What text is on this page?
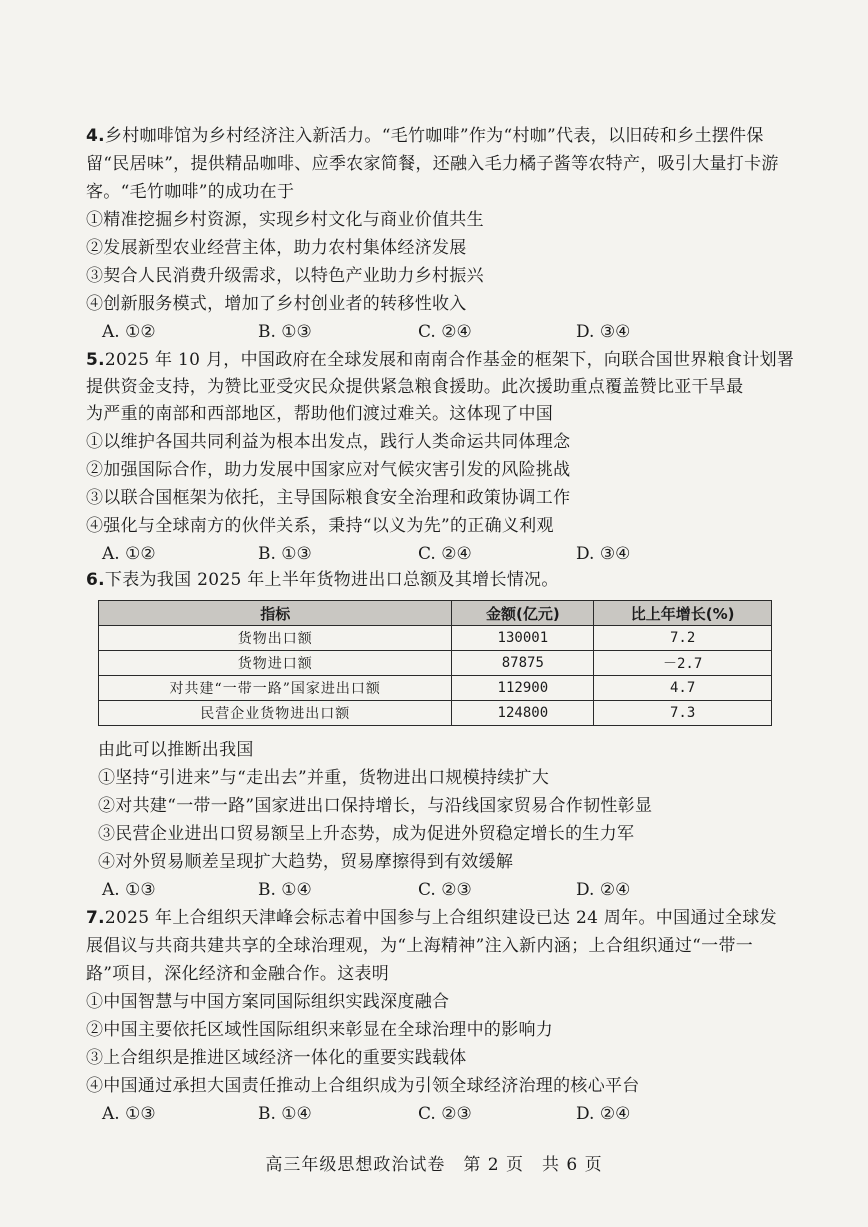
4.乡村咖啡馆为乡村经济注入新活力。“毛竹咖啡”作为“村咖”代表，以旧砖和乡土摆件保
留“民居味”，提供精品咖啡、应季农家简餐，还融入毛力橘子酱等农特产，吸引大量打卡游
客。“毛竹咖啡”的成功在于
①精准挖掘乡村资源，实现乡村文化与商业价值共生
②发展新型农业经营主体，助力农村集体经济发展
③契合人民消费升级需求，以特色产业助力乡村振兴
④创新服务模式，增加了乡村创业者的转移性收入
A. ①②	B. ①③	C. ②④	D. ③④
5.2025 年 10 月，中国政府在全球发展和南南合作基金的框架下，向联合国世界粮食计划署
提供资金支持，为赞比亚受灾民众提供紧急粮食援助。此次援助重点覆盖赞比亚干旱最
为严重的南部和西部地区，帮助他们渡过难关。这体现了中国
①以维护各国共同利益为根本出发点，践行人类命运共同体理念
②加强国际合作，助力发展中国家应对气候灾害引发的风险挑战
③以联合国框架为依托，主导国际粮食安全治理和政策协调工作
④强化与全球南方的伙伴关系，秉持“以义为先”的正确义利观
A. ①②	B. ①③	C. ②④	D. ③④
6.下表为我国 2025 年上半年货物进出口总额及其增长情况。
指标	金额(亿元)	比上年增长(%)
货物出口额	130001	7.2
货物进口额	87875	－2.7
对共建“一带一路”国家进出口额	112900	4.7
民营企业货物进出口额	124800	7.3
由此可以推断出我国
①坚持“引进来”与“走出去”并重，货物进出口规模持续扩大
②对共建“一带一路”国家进出口保持增长，与沿线国家贸易合作韧性彰显
③民营企业进出口贸易额呈上升态势，成为促进外贸稳定增长的生力军
④对外贸易顺差呈现扩大趋势，贸易摩擦得到有效缓解
A. ①③	B. ①④	C. ②③	D. ②④
7.2025 年上合组织天津峰会标志着中国参与上合组织建设已达 24 周年。中国通过全球发
展倡议与共商共建共享的全球治理观，为“上海精神”注入新内涵；上合组织通过“一带一
路”项目，深化经济和金融合作。这表明
①中国智慧与中国方案同国际组织实践深度融合
②中国主要依托区域性国际组织来彰显在全球治理中的影响力
③上合组织是推进区域经济一体化的重要实践载体
④中国通过承担大国责任推动上合组织成为引领全球经济治理的核心平台
A. ①③	B. ①④	C. ②③	D. ②④
高三年级思想政治试卷　第 2 页　共 6 页
